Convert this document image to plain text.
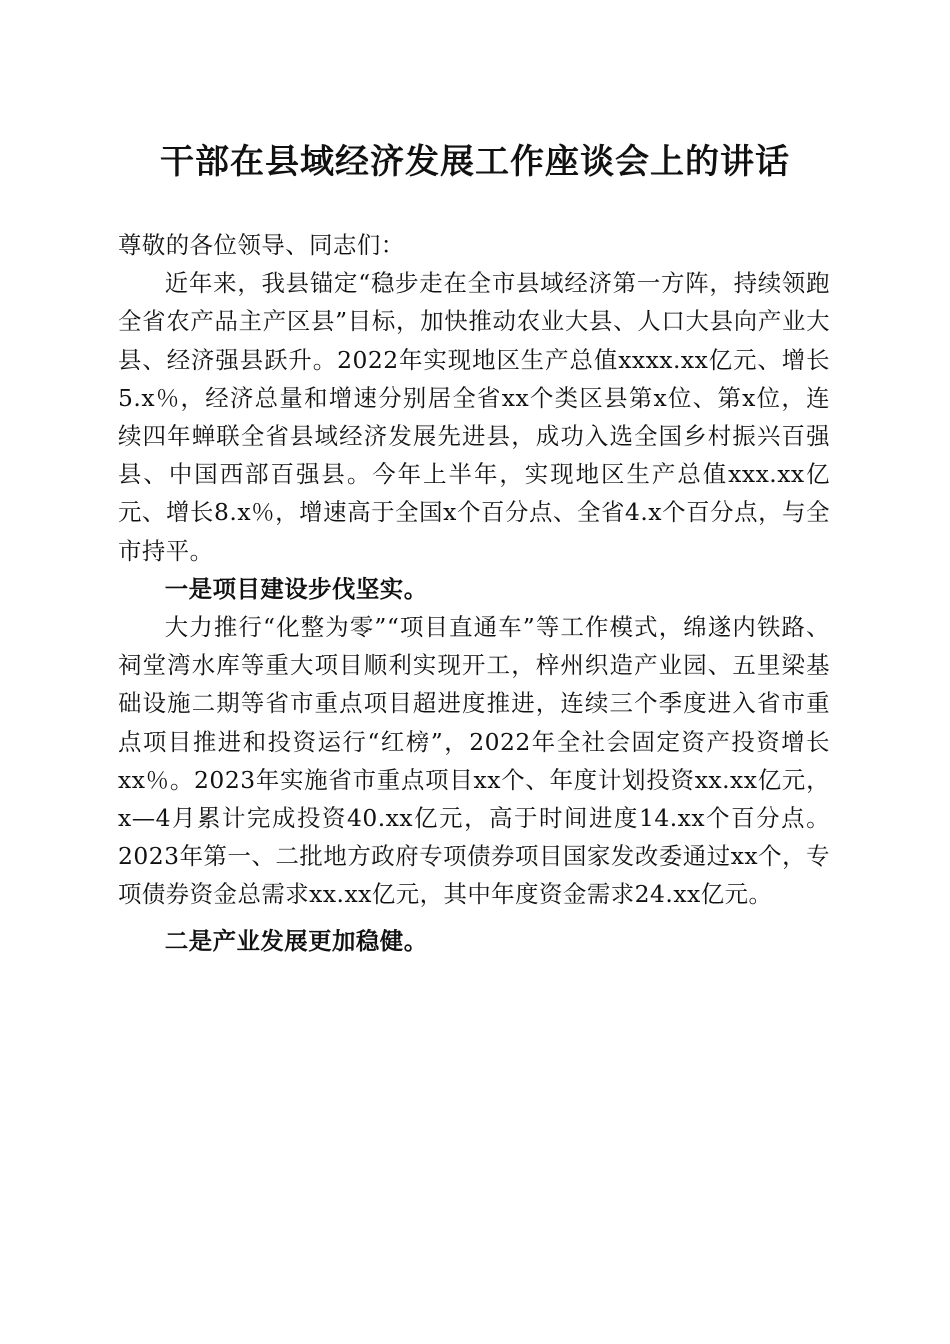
干部在县域经济发展工作座谈会上的讲话

尊敬的各位领导、同志们：

近年来，我县锚定“稳步走在全市县域经济第一方阵，持续领跑全省农产品主产区县”目标，加快推动农业大县、人口大县向产业大县、经济强县跃升。2022年实现地区生产总值xxxx.xx亿元、增长5.x％，经济总量和增速分别居全省xx个类区县第x位、第x位，连续四年蝉联全省县域经济发展先进县，成功入选全国乡村振兴百强县、中国西部百强县。今年上半年，实现地区生产总值xxx.xx亿元、增长8.x％，增速高于全国x个百分点、全省4.x个百分点，与全市持平。

一是项目建设步伐坚实。

大力推行“化整为零”“项目直通车”等工作模式，绵遂内铁路、祠堂湾水库等重大项目顺利实现开工，梓州织造产业园、五里梁基础设施二期等省市重点项目超进度推进，连续三个季度进入省市重点项目推进和投资运行“红榜”，2022年全社会固定资产投资增长xx％。2023年实施省市重点项目xx个、年度计划投资xx.xx亿元，x—4月累计完成投资40.xx亿元，高于时间进度14.xx个百分点。2023年第一、二批地方政府专项债券项目国家发改委通过xx个，专项债券资金总需求xx.xx亿元，其中年度资金需求24.xx亿元。

二是产业发展更加稳健。
